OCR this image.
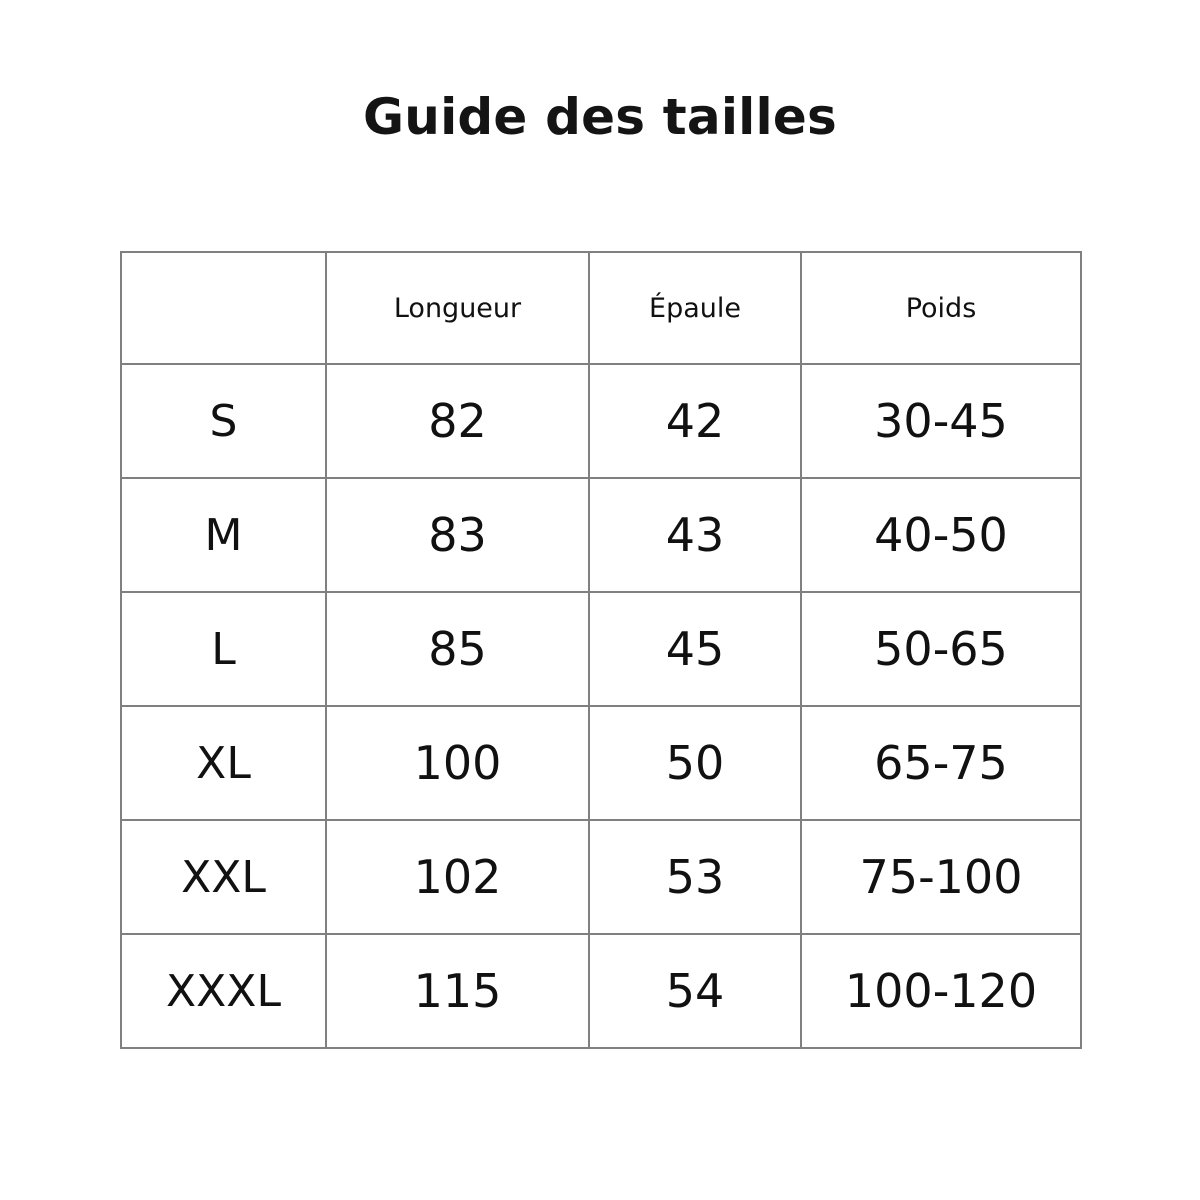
Guide des tailles
	Longueur	Épaule	Poids
S	82	42	30-45
M	83	43	40-50
L	85	45	50-65
XL	100	50	65-75
XXL	102	53	75-100
XXXL	115	54	100-120
